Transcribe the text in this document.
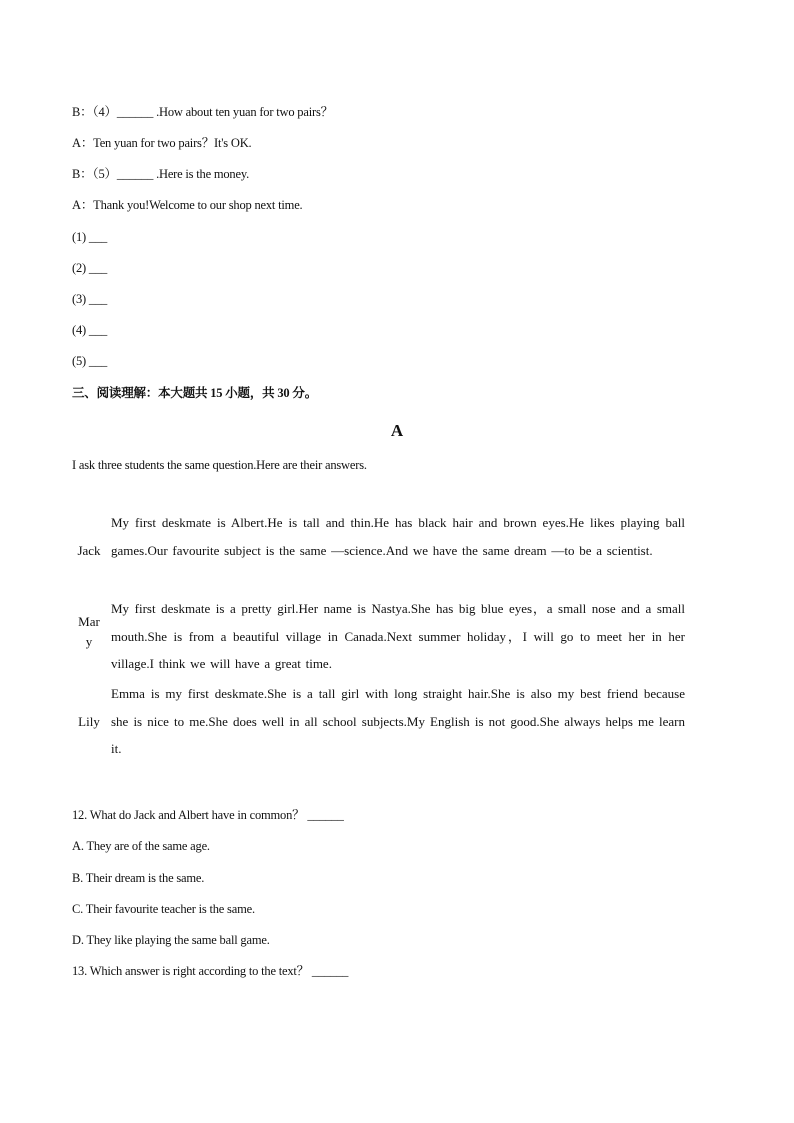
B：（4）______ .How about ten yuan for two pairs？
A：Ten yuan for two pairs？It's OK.
B：（5）______ .Here is the money.
A：Thank you!Welcome to our shop next time.
(1) ___
(2) ___
(3) ___
(4) ___
(5) ___
三、阅读理解：本大题共 15 小题，共 30 分。
A
I ask three students the same question.Here are their answers.
Jack
My first deskmate is Albert.He is tall and thin.He has black hair and brown eyes.He likes playing ball games.Our favourite subject is the same —science.And we have the same dream —to be a scientist.
Mar
y
My first deskmate is a pretty girl.Her name is Nastya.She has big blue eyes，a small nose and a small mouth.She is from a beautiful village in Canada.Next summer holiday，I will go to meet her in her village.I think we will have a great time.
Lily
Emma is my first deskmate.She is a tall girl with long straight hair.She is also my best friend because she is nice to me.She does well in all school subjects.My English is not good.She always helps me learn it.
12. What do Jack and Albert have in common？ ______
A. They are of the same age.
B. Their dream is the same.
C. Their favourite teacher is the same.
D. They like playing the same ball game.
13. Which answer is right according to the text？ ______
